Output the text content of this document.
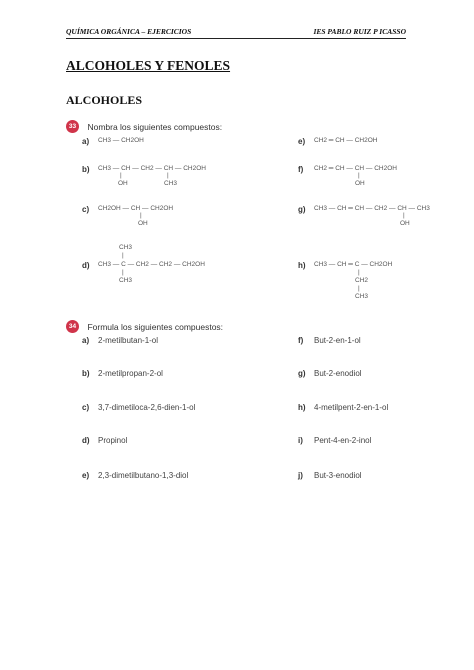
QUÍMICA ORGÁNICA – EJERCICIOS	IES PABLO RUIZ P ICASSO
ALCOHOLES Y FENOLES
ALCOHOLES
33 Nombra los siguientes compuestos:
a) CH3 — CH2OH
b) CH3 — CH — CH2 — CH — CH2OH
|
OH
|
CH3
c) CH2OH — CH — CH2OH
|
OH
CH3
|
d) CH3 — C — CH2 — CH2 — CH2OH
|
CH3
e) CH2 ═ CH — CH2OH
f) CH2 ═ CH — CH — CH2OH
|
OH
g) CH3 — CH ═ CH — CH2 — CH — CH3
|
OH
h) CH3 — CH ═ C — CH2OH
|
CH2
|
CH3
34 Formula los siguientes compuestos:
a) 2-metilbutan-1-ol
b) 2-metilpropan-2-ol
c) 3,7-dimetiloca-2,6-dien-1-ol
d) Propinol
e) 2,3-dimetilbutano-1,3-diol
f) But-2-en-1-ol
g) But-2-enodiol
h) 4-metilpent-2-en-1-ol
i) Pent-4-en-2-inol
j) But-3-enodiol
